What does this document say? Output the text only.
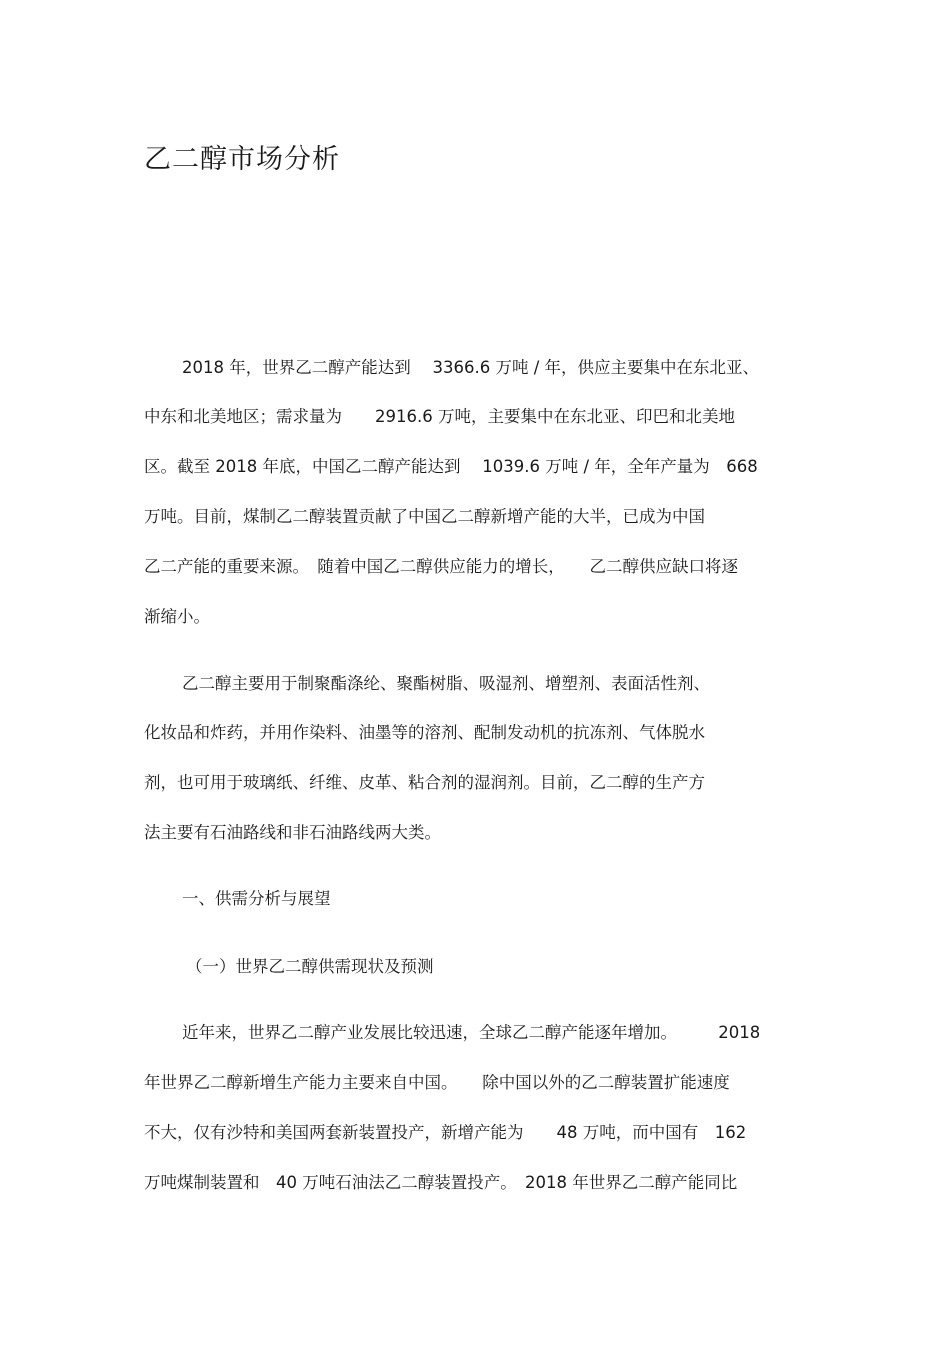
乙二醇市场分析
2018 年，世界乙二醇产能达到　 3366.6 万吨 / 年，供应主要集中在东北亚、
中东和北美地区；需求量为　　2916.6 万吨，主要集中在东北亚、印巴和北美地
区。截至 2018 年底，中国乙二醇产能达到　 1039.6 万吨 / 年，全年产量为　668
万吨。目前，煤制乙二醇装置贡献了中国乙二醇新增产能的大半，已成为中国
乙二产能的重要来源。　随着中国乙二醇供应能力的增长，　　乙二醇供应缺口将逐
渐缩小。
乙二醇主要用于制聚酯涤纶、聚酯树脂、吸湿剂、增塑剂、表面活性剂、
化妆品和炸药，并用作染料、油墨等的溶剂、配制发动机的抗冻剂、气体脱水
剂，也可用于玻璃纸、纤维、皮革、粘合剂的湿润剂。目前，乙二醇的生产方
法主要有石油路线和非石油路线两大类。
一、供需分析与展望
（一）世界乙二醇供需现状及预测
近年来，世界乙二醇产业发展比较迅速，全球乙二醇产能逐年增加。　　　2018
年世界乙二醇新增生产能力主要来自中国。　　除中国以外的乙二醇装置扩能速度
不大，仅有沙特和美国两套新装置投产，新增产能为　　48 万吨，而中国有　162
万吨煤制装置和　40 万吨石油法乙二醇装置投产。　2018 年世界乙二醇产能同比
